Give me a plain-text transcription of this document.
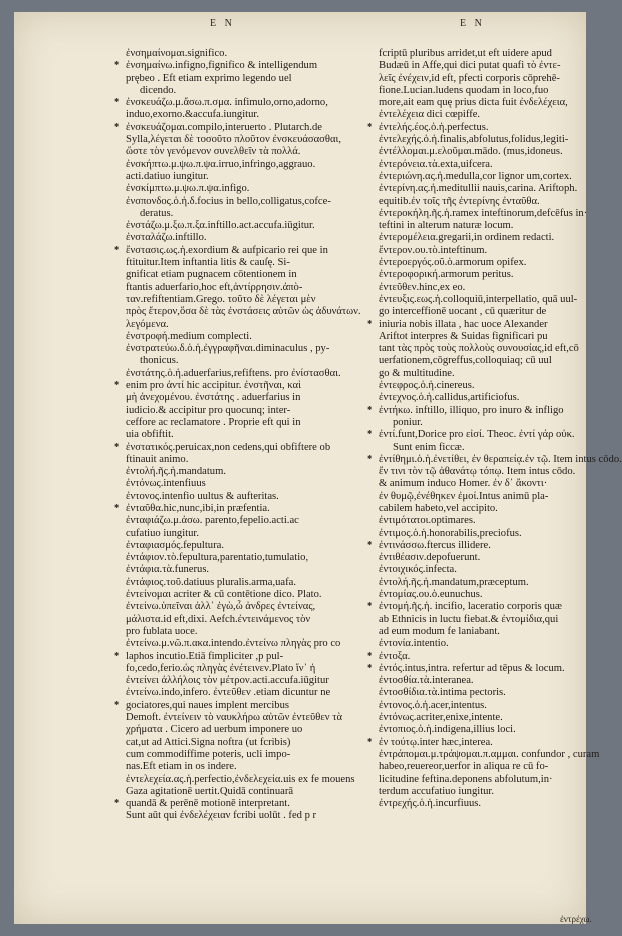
E N	E N
ἐνσημαίνομαι.significo.
* ἐνσημαίνω.infigno,fignifico & intelligendum
prębeo . Eft etiam exprimo legendo uel
dicendo.
* ἐνσκευάζω.μ.ἄσω.π.σμα. infimulo,orno,adorno,
induo,exorno.&accufa.iungitur.
* ἐνσκευάζομαι.compilo,interuerto . Plutarch.de
Sylla,λέγεται δὲ τοσοῦτο πλοῦτον ἐνσκευάσασθαι,
ὥστε τὸν γενόμενον συνελθεῖν τὰ πολλά.
ἐνσκήπτω.μ.ψω.π.ψα.irruo,infringo,aggrauo.
acti.datiuo iungitur.
ἐνσκίμπτω.μ.ψω.π.ψα.infigo.
ἐνσπονδος.ὁ.ἡ.δ.focius in bello,colligatus,cofce-
deratus.
ἐνστάζω.μ.ξω.π.ξα.inftillo.act.accufa.iūgitur.
ἐνσταλάζω.inftillo.
* ἔνστασις.ως.ἡ.exordium & aufpicario rei que in
ftituitur.Item inftantia litis & cauſę. Si-
gnificat etiam pugnacem cōtentionem in
ftantis aduerfario,hoc eft,ἀντίρρησιν.ἀπὸ-
ταν.refiftentiam.Grego. τοῦτο δὲ λέγεται μὲν
πρὸς ἕτερον,ὅσα δὲ τὰς ἐνστάσεις αὐτῶν ὡς ἀδυνάτων.
λεγόμενα.
ἐνστροφή.medium complecti.
ἐνστρατεύω.δ.ὁ.ἡ.ἐγγραφῆναι.diminaculus , py-
thonicus.
ἐνστάτης.ὁ.ἡ.aduerfarius,refiftens. pro ἐνίστασθαι.
* enim pro ἀντί hic accipitur. ἐνστῆναι, καὶ
μὴ ἀνεχομένου. ἐνστάτης . aduerfarius in
iudicio.& accipitur pro quocunq; inter-
ceffore ac reclamatore . Proprie eft qui in
uia obfiftit.
* ἐνστατικός.peruicax,non cedens,qui obfiftere ob
ftinauit animo.
ἐντολή.ῆς.ἡ.mandatum.
ἐντόνως.intenfiuus
ἐντονος.intenfio uultus & aufteritas.
* ἐνταῦθα.hic,nunc,ibi,in præfentia.
ἐνταφιάζω.μ.ἀσω. parento,fepelio.acti.ac
cufatiuo iungitur.
ἐνταφιασμός.fepultura.
ἐντάφιον.τὸ.fepultura,parentatio,tumulatio,
ἐντάφια.τὰ.funerus.
ἐντάφιος.τοῦ.datiuus pluralis.arma,uafa.
ἐντείνομαι acriter & cū contētione dico. Plato.
ἐντείνω.ὑπεῖναι ἀλλ᾽ ἐγὼ,ὦ ἀνδρες ἐντείνας,
μάλιστα.id eft,dixi. Aefch.ἐντεινάμενος τὸν
pro fublata uoce.
ἐντείνω.μ.νῶ.π.ακα.intendo.ἐντείνω πληγὰς pro co
* laphos incutio.Etiā fimpliciter ,p pul-
fo,cedo,ferio.ὡς πληγὰς ἐνέτεινεν.Plato ἵν᾽ ἡ
ἐντείνει ἀλλήλοις τὸν μέτρον.acti.accufa.iūgitur
ἐντείνω.indo,infero. ἐντεῦθεν .etiam dicuntur ne
* gociatores,qui naues implent mercibus
Demoft. ἐντείνειν τὸ ναυκλήρω αὐτῶν ἐντεῦθεν τὰ
χρήματα . Cicero ad uerbum imponere uo
cat,ut ad Attici.Signa noftra (ut fcribis)
cum commodiffime poteris, ucli impo-
nas.Eft etiam in os indere.
ἐντελεχεία.ας.ἡ.perfectio,ἐνδελεχεία.uis ex fe mouens
Gaza agitationē uertit.Quidā continuarā
* quandā & perēnē motionē interpretant.
Sunt aūt qui ἐνδελέχειαν fcribi uolūt . fed p r
fcriptū pluribus arridet,ut eft uidere apud
Budæū in Affe,qui dici putat quafi τὸ ἐντε-
λεῖς ἐνέχειν,id eft, pfecti corporis cōprehē-
fione.Lucian.ludens quodam in loco,fuo
more,ait eam quę prius dicta fuit ἐνδελέχεια,
ἐντελέχεια dici cœpiffe.
* ἐντελής.έος.ὁ.ἡ.perfectus.
ἐντελεχής.ὁ.ἡ.finalis,abfolutus,folidus,legiti-
ἐντέλλομαι.μ.ελοῦμαι.mādo. (mus,idoneus.
ἐντερόνεια.τὰ.exta,uifcera.
ἐντεριώνη.ας.ἡ.medulla,cor lignor um,cortex.
ἐντερίνη.ας.ἡ.meditullii nauis,carina. Ariftoph.
equitib.ἐν τοῖς τῆς ἐντερίνης ἐνταῦθα.
ἐντεροκήλη.ῆς.ἡ.ramex inteftinorum,defcēfus in·
teftini in alterum naturæ locum.
ἐντερομέλεια.gregarii,in ordinem redacti.
ἔντερον.ου.τὸ.inteftinum.
ἐντεροεργός.οῦ.ὁ.armorum opifex.
ἐντεροφορική.armorum peritus.
ἐντεῦθεν.hinc,ex eo.
ἐντευξις.εως.ἡ.colloquiū,interpellatio, quā uul-
go interceffionē uocant , cū quæritur de
* iniuria nobis illata , hac uoce Alexander
Ariftot interpres & Suidas fignificari pu
tant τὰς πρὸς τοὺς πολλοὺς συνουσίας,id eft,cō
uerfationem,cōgreffus,colloquiaq; cū uul
go & multitudine.
ἐντεφρος.ὁ.ἡ.cinereus.
ἐντεχνος.ὁ.ἡ.callidus,artificiofus.
* ἐντήκω. inftillo, illiquo, pro inuro & infligo
poniur.
* ἐντί.funt,Dorice pro εἰσί. Theoc. ἐντί γάρ οὐκ.
Sunt enim ficcæ.
* ἐντίθημι.ὁ.ἡ.ἐνετίθει, ἐν θεραπείᾳ.ἐν τῷ. Item intus cōdo.
ἔν τινι τὸν τῷ ἀθανάτῳ τόπῳ. Item intus cōdo.
& animum induco Homer. ἐν δ᾽ ἄκοντι·
ἐν θυμῷ,ἐνέθηκεν ἐμοί.Intus animū pla-
cabilem habeto,vel accipito.
ἐντιμότατοι.optimares.
ἐντιμος.ὁ.ἡ.honorabilis,preciofus.
* ἐντινάσσω.ftercus illidere.
ἐντιθέασιν.depofuerunt.
ἐντοιχικός.infecta.
ἐντολή.ῆς.ἡ.mandatum,præceptum.
ἐντομίας.ου.ὁ.eunuchus.
* ἐντομή.ῆς.ἡ. incifio, laceratio corporis quæ
ab Ethnicis in luctu fiebat.& ἐντομίδια,qui
ad eum modum fe laniabant.
ἐντονία.intentio.
* ἐντοξα.
* ἐντός.intus,intra. refertur ad tēpus & locum.
ἐντοσθία.τὰ.interanea.
ἐντοσθίδια.τὰ.intima pectoris.
ἐντονος.ὁ.ἡ.acer,intentus.
ἐντόνως.acriter,enixe,intente.
ἐντοπιος.ὁ.ἡ.indigena,illius loci.
* ἐν τούτῳ.inter hæc,interea.
ἐντράπομαι.μ.τράψομαι.π.αμμαι. confundor , curam
habeo,reuereor,uerfor in aliqua re cū fo-
licitudine feftina.deponens abfolutum,in·
terdum accufatiuo iungitur.
ἐντρεχής.ὁ.ἡ.incurfiuus.
ἐντρέχω.
